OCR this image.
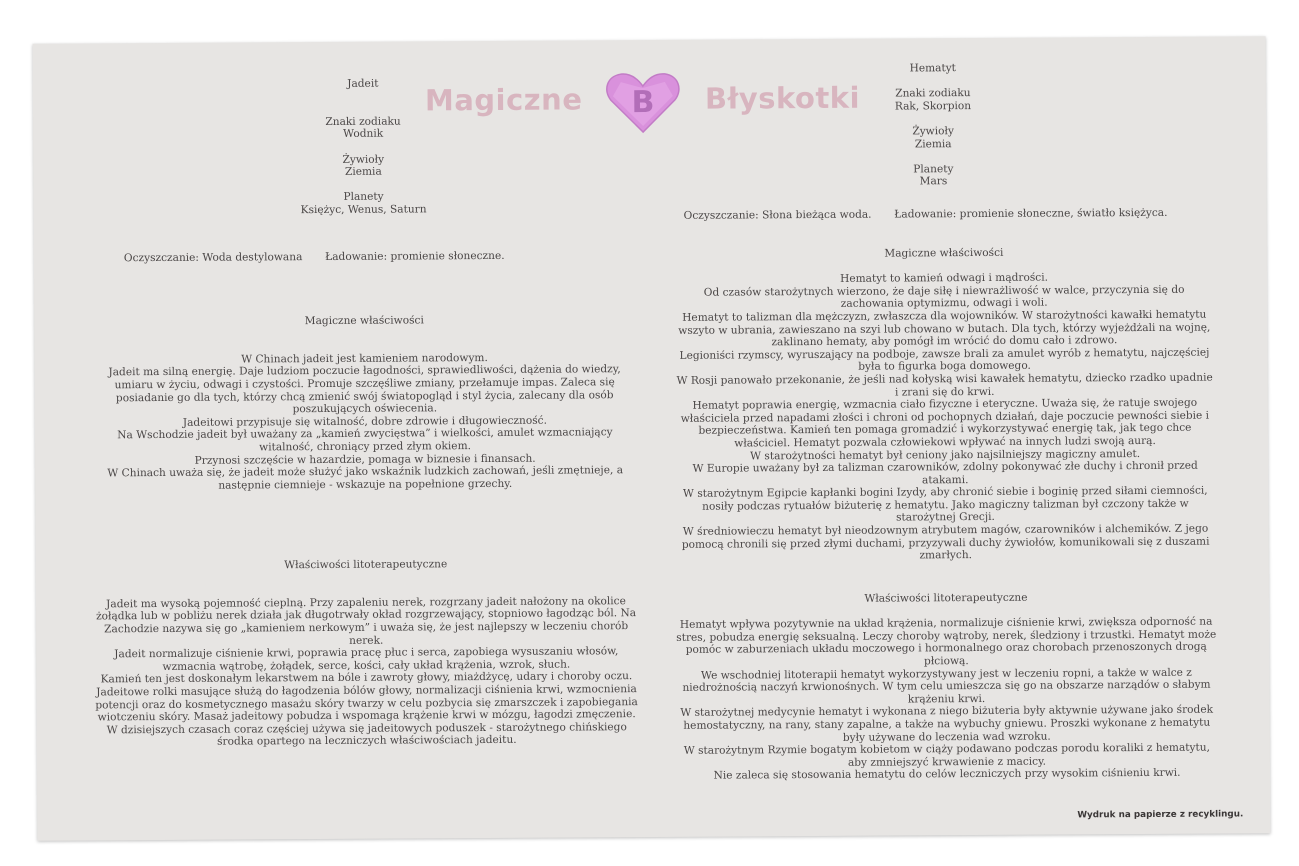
Magiczne B Błyskotki

Jadeit

Znaki zodiaku

Wodnik

Żywioły

Ziemia

Planety

Księżyc, Wenus, Saturn

Oczyszczanie: Woda destylowana Ładowanie: promienie słoneczne.

Magiczne właściwości

W Chinach jadeit jest kamieniem narodowym.

Jadeit ma silną energię. Daje ludziom poczucie łagodności, sprawiedliwości, dążenia do wiedzy,

umiaru w życiu, odwagi i czystości. Promuje szczęśliwe zmiany, przełamuje impas. Zaleca się

posiadanie go dla tych, którzy chcą zmienić swój światopogląd i styl życia, zalecany dla osób

poszukujących oświecenia.

Jadeitowi przypisuje się witalność, dobre zdrowie i długowieczność.

Na Wschodzie jadeit był uważany za „kamień zwycięstwa” i wielkości, amulet wzmacniający

witalność, chroniący przed złym okiem.

Przynosi szczęście w hazardzie, pomaga w biznesie i finansach.

W Chinach uważa się, że jadeit może służyć jako wskaźnik ludzkich zachowań, jeśli zmętnieje, a

następnie ciemnieje - wskazuje na popełnione grzechy.

Właściwości litoterapeutyczne

Jadeit ma wysoką pojemność cieplną. Przy zapaleniu nerek, rozgrzany jadeit nałożony na okolice

żołądka lub w pobliżu nerek działa jak długotrwały okład rozgrzewający, stopniowo łagodząc ból. Na

Zachodzie nazywa się go „kamieniem nerkowym” i uważa się, że jest najlepszy w leczeniu chorób

nerek.

Jadeit normalizuje ciśnienie krwi, poprawia pracę płuc i serca, zapobiega wysuszaniu włosów,

wzmacnia wątrobę, żołądek, serce, kości, cały układ krążenia, wzrok, słuch.

Kamień ten jest doskonałym lekarstwem na bóle i zawroty głowy, miażdżycę, udary i choroby oczu.

Jadeitowe rolki masujące służą do łagodzenia bólów głowy, normalizacji ciśnienia krwi, wzmocnienia

potencji oraz do kosmetycznego masażu skóry twarzy w celu pozbycia się zmarszczek i zapobiegania

wiotczeniu skóry. Masaż jadeitowy pobudza i wspomaga krążenie krwi w mózgu, łagodzi zmęczenie.

W dzisiejszych czasach coraz częściej używa się jadeitowych poduszek - starożytnego chińskiego

środka opartego na leczniczych właściwościach jadeitu.

Hematyt

Znaki zodiaku

Rak, Skorpion

Żywioły

Ziemia

Planety

Mars

Oczyszczanie: Słona bieżąca woda. Ładowanie: promienie słoneczne, światło księżyca.

Magiczne właściwości

Hematyt to kamień odwagi i mądrości.

Od czasów starożytnych wierzono, że daje siłę i niewrażliwość w walce, przyczynia się do

zachowania optymizmu, odwagi i woli.

Hematyt to talizman dla mężczyzn, zwłaszcza dla wojowników. W starożytności kawałki hematytu

wszyto w ubrania, zawieszano na szyi lub chowano w butach. Dla tych, którzy wyjeżdżali na wojnę,

zaklinano hematy, aby pomógł im wrócić do domu cało i zdrowo.

Legioniści rzymscy, wyruszający na podboje, zawsze brali za amulet wyrób z hematytu, najczęściej

była to figurka boga domowego.

W Rosji panowało przekonanie, że jeśli nad kołyską wisi kawałek hematytu, dziecko rzadko upadnie

i zrani się do krwi.

Hematyt poprawia energię, wzmacnia ciało fizyczne i eteryczne. Uważa się, że ratuje swojego

właściciela przed napadami złości i chroni od pochopnych działań, daje poczucie pewności siebie i

bezpieczeństwa. Kamień ten pomaga gromadzić i wykorzystywać energię tak, jak tego chce

właściciel. Hematyt pozwala człowiekowi wpływać na innych ludzi swoją aurą.

W starożytności hematyt był ceniony jako najsilniejszy magiczny amulet.

W Europie uważany był za talizman czarowników, zdolny pokonywać złe duchy i chronił przed

atakami.

W starożytnym Egipcie kapłanki bogini Izydy, aby chronić siebie i boginię przed siłami ciemności,

nosiły podczas rytuałów biżuterię z hematytu. Jako magiczny talizman był czczony także w

starożytnej Grecji.

W średniowieczu hematyt był nieodzownym atrybutem magów, czarowników i alchemików. Z jego

pomocą chronili się przed złymi duchami, przyzywali duchy żywiołów, komunikowali się z duszami

zmarłych.

Właściwości litoterapeutyczne

Hematyt wpływa pozytywnie na układ krążenia, normalizuje ciśnienie krwi, zwiększa odporność na

stres, pobudza energię seksualną. Leczy choroby wątroby, nerek, śledziony i trzustki. Hematyt może

pomóc w zaburzeniach układu moczowego i hormonalnego oraz chorobach przenoszonych drogą

płciową.

We wschodniej litoterapii hematyt wykorzystywany jest w leczeniu ropni, a także w walce z

niedrożnością naczyń krwionośnych. W tym celu umieszcza się go na obszarze narządów o słabym

krążeniu krwi.

W starożytnej medycynie hematyt i wykonana z niego biżuteria były aktywnie używane jako środek

hemostatyczny, na rany, stany zapalne, a także na wybuchy gniewu. Proszki wykonane z hematytu

były używane do leczenia wad wzroku.

W starożytnym Rzymie bogatym kobietom w ciąży podawano podczas porodu koraliki z hematytu,

aby zmniejszyć krwawienie z macicy.

Nie zaleca się stosowania hematytu do celów leczniczych przy wysokim ciśnieniu krwi.

Wydruk na papierze z recyklingu.
